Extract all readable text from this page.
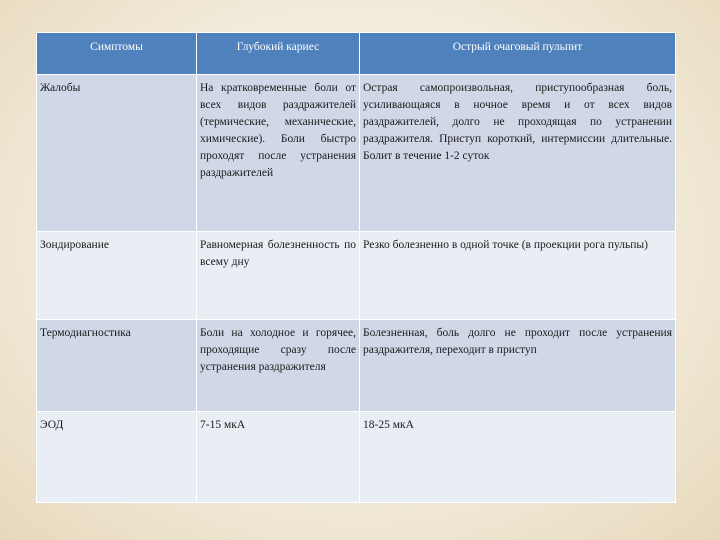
Симптомы	Глубокий кариес	Острый очаговый пульпит
Жалобы	На кратковременные боли от всех видов раздражителей (термические, механические, химические). Боли быстро проходят после устранения раздражителей	Острая самопроизвольная, приступообразная боль, усиливающаяся в ночное время и от всех видов раздражителей, долго не проходящая по устранении раздражителя. Приступ короткий, интермиссии длительные. Болит в течение 1-2 суток
Зондирование	Равномерная болезненность по всему дну	Резко болезненно в одной точке (в проекции рога пульпы)
Термодиагностика	Боли на холодное и горячее, проходящие сразу после устранения раздражителя	Болезненная, боль долго не проходит после устранения раздражителя, переходит в приступ
ЭОД	7-15 мкА	18-25 мкА
